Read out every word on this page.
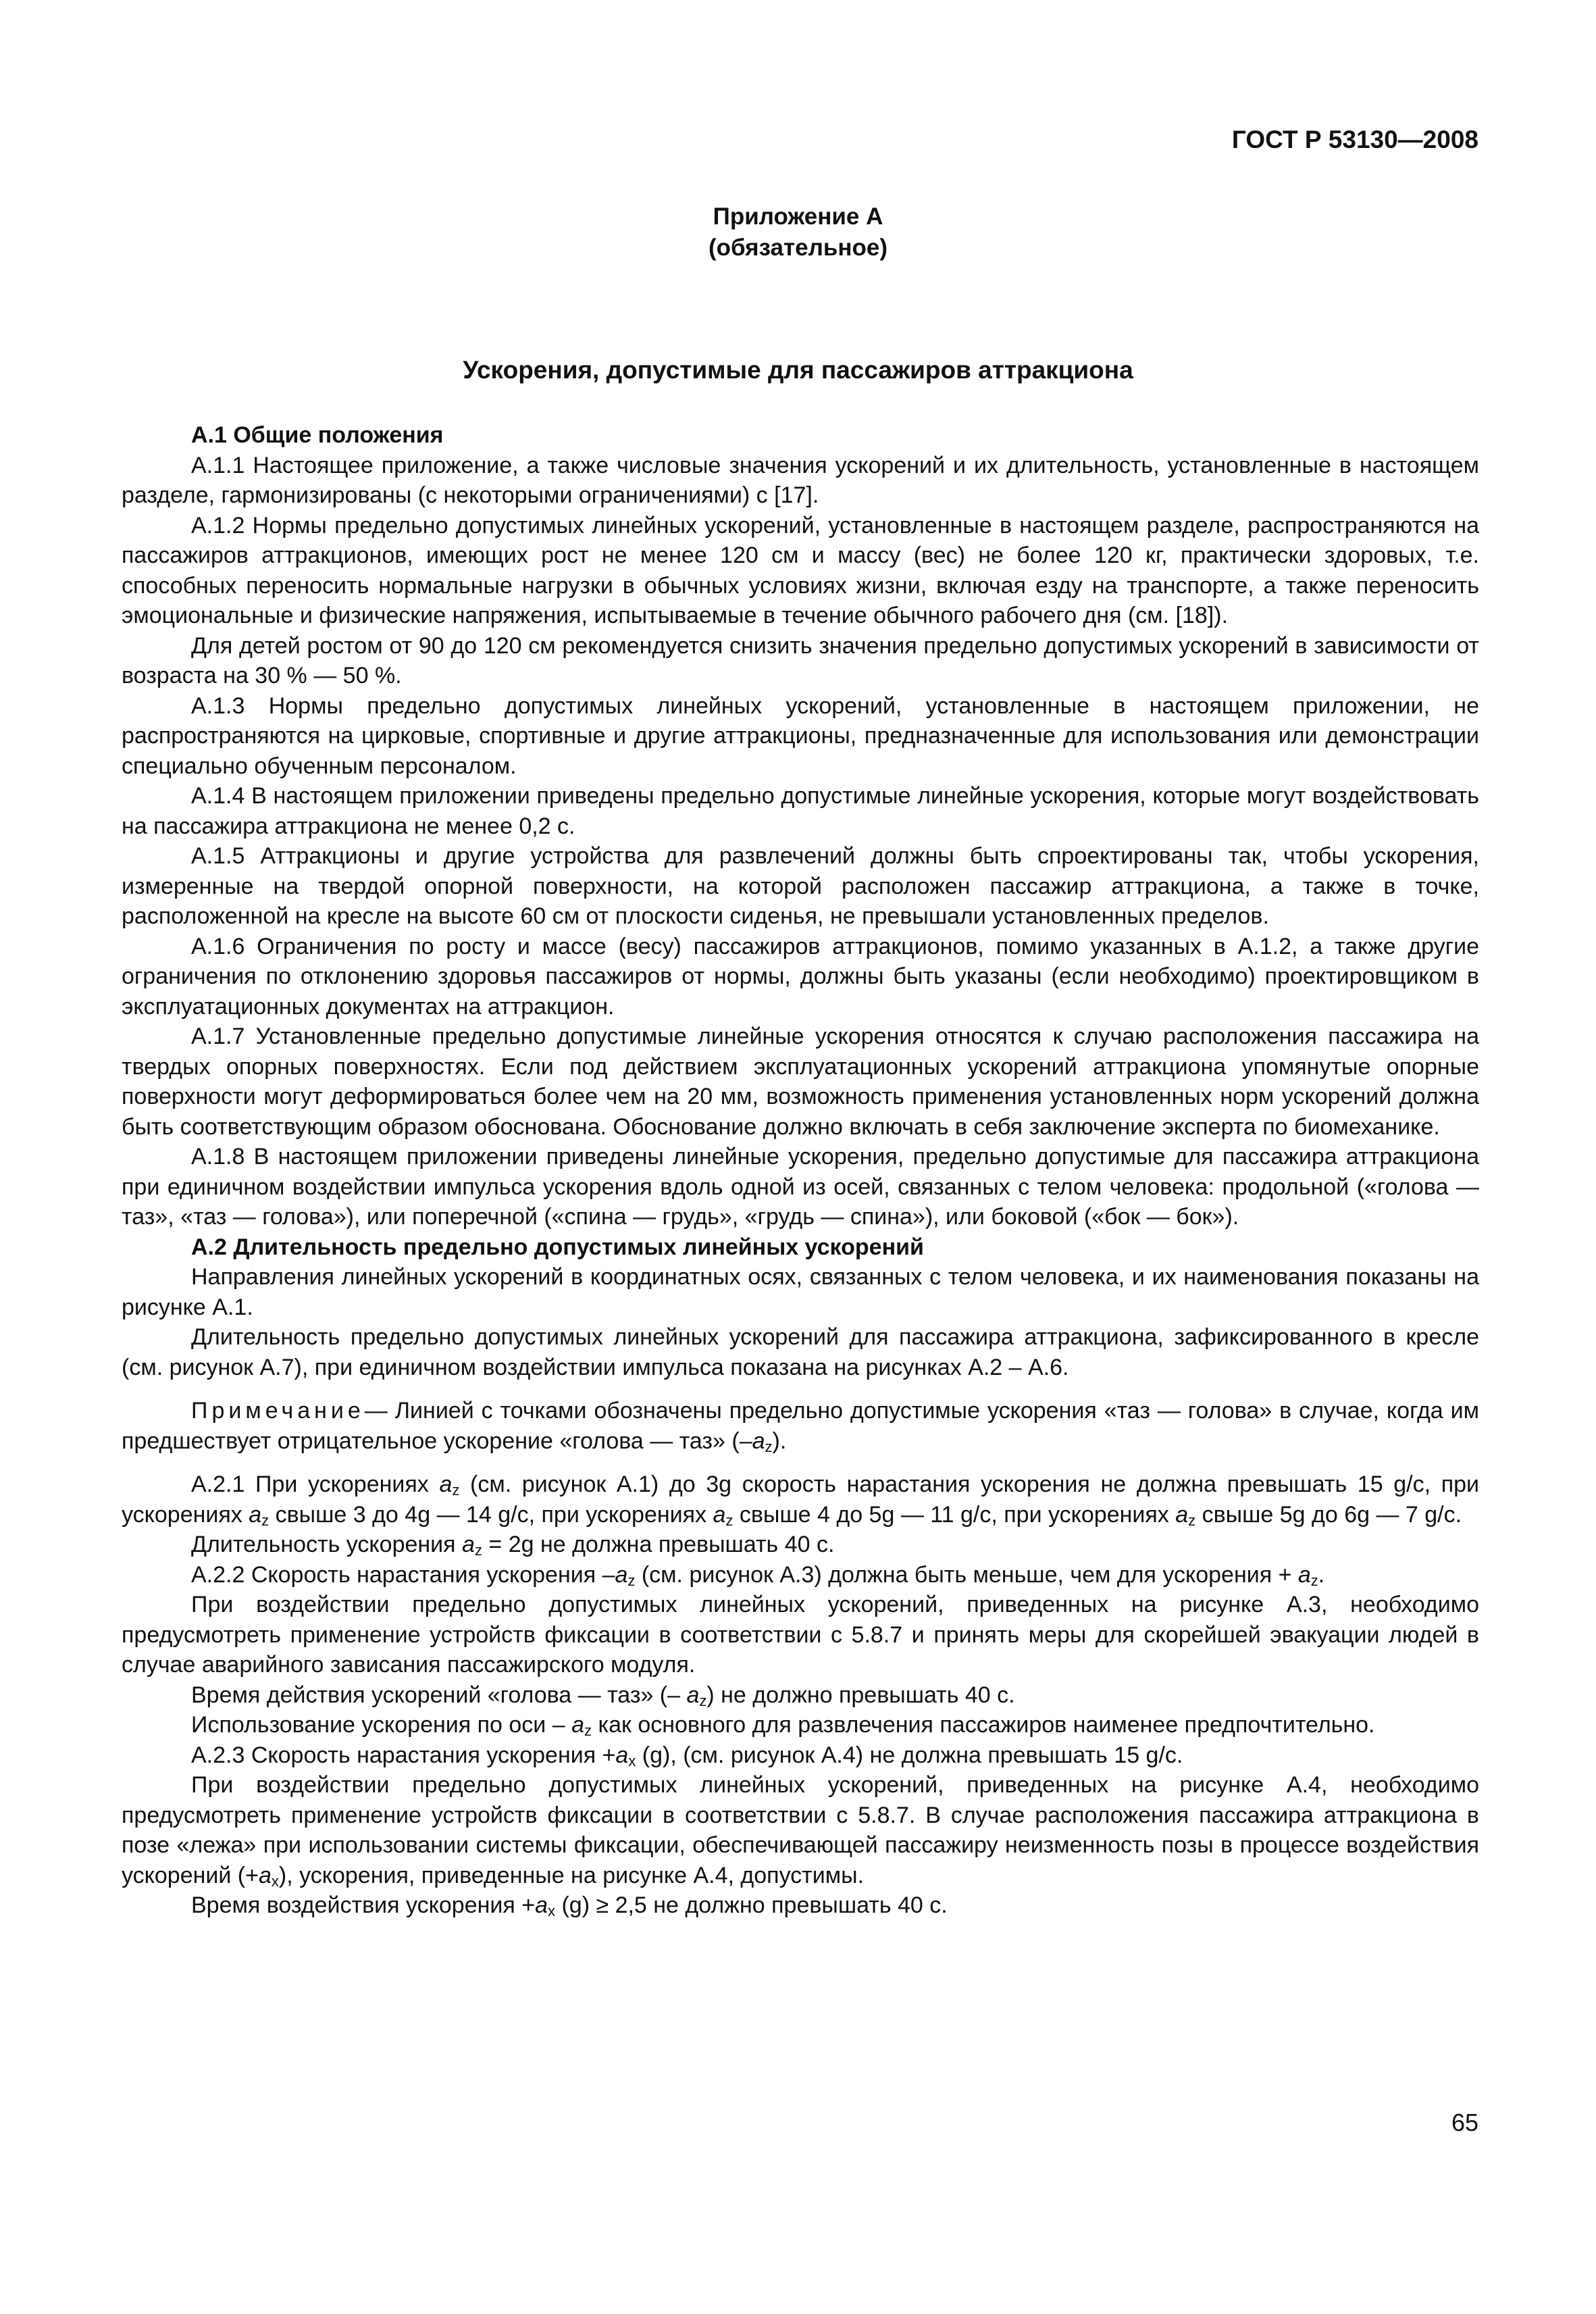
ГОСТ Р 53130—2008

Приложение А
(обязательное)

Ускорения, допустимые для пассажиров аттракциона

А.1 Общие положения

А.1.1 Настоящее приложение, а также числовые значения ускорений и их длительность, установленные в настоящем разделе, гармонизированы (с некоторыми ограничениями) с [17].

А.1.2 Нормы предельно допустимых линейных ускорений, установленные в настоящем разделе, распространяются на пассажиров аттракционов, имеющих рост не менее 120 см и массу (вес) не более 120 кг, практически здоровых, т.е. способных переносить нормальные нагрузки в обычных условиях жизни, включая езду на транспорте, а также переносить эмоциональные и физические напряжения, испытываемые в течение обычного рабочего дня (см. [18]).

Для детей ростом от 90 до 120 см рекомендуется снизить значения предельно допустимых ускорений в зависимости от возраста на 30 % — 50 %.

А.1.3 Нормы предельно допустимых линейных ускорений, установленные в настоящем приложении, не распространяются на цирковые, спортивные и другие аттракционы, предназначенные для использования или демонстрации специально обученным персоналом.

А.1.4 В настоящем приложении приведены предельно допустимые линейные ускорения, которые могут воздействовать на пассажира аттракциона не менее 0,2 с.

А.1.5 Аттракционы и другие устройства для развлечений должны быть спроектированы так, чтобы ускорения, измеренные на твердой опорной поверхности, на которой расположен пассажир аттракциона, а также в точке, расположенной на кресле на высоте 60 см от плоскости сиденья, не превышали установленных пределов.

А.1.6 Ограничения по росту и массе (весу) пассажиров аттракционов, помимо указанных в А.1.2, а также другие ограничения по отклонению здоровья пассажиров от нормы, должны быть указаны (если необходимо) проектировщиком в эксплуатационных документах на аттракцион.

А.1.7 Установленные предельно допустимые линейные ускорения относятся к случаю расположения пассажира на твердых опорных поверхностях. Если под действием эксплуатационных ускорений аттракциона упомянутые опорные поверхности могут деформироваться более чем на 20 мм, возможность применения установленных норм ускорений должна быть соответствующим образом обоснована. Обоснование должно включать в себя заключение эксперта по биомеханике.

А.1.8 В настоящем приложении приведены линейные ускорения, предельно допустимые для пассажира аттракциона при единичном воздействии импульса ускорения вдоль одной из осей, связанных с телом человека: продольной («голова — таз», «таз — голова»), или поперечной («спина — грудь», «грудь — спина»), или боковой («бок — бок»).

А.2 Длительность предельно допустимых линейных ускорений

Направления линейных ускорений в координатных осях, связанных с телом человека, и их наименования показаны на рисунке А.1.

Длительность предельно допустимых линейных ускорений для пассажира аттракциона, зафиксированного в кресле (см. рисунок А.7), при единичном воздействии импульса показана на рисунках А.2 – А.6.

Примечание— Линией с точками обозначены предельно допустимые ускорения «таз — голова» в случае, когда им предшествует отрицательное ускорение «голова — таз» $(-a_z)$.

А.2.1 При ускорениях $a_z$ (см. рисунок А.1) до 3g скорость нарастания ускорения не должна превышать 15 g/c, при ускорениях $a_z$ свыше 3 до 4g — 14 g/c, при ускорениях $a_z$ свыше 4 до 5g — 11 g/c, при ускорениях $a_z$ свыше 5g до 6g — 7 g/c.

Длительность ускорения $a_z = 2g$ не должна превышать 40 с.

А.2.2 Скорость нарастания ускорения $-a_z$ (см. рисунок А.3) должна быть меньше, чем для ускорения + $a_z$.

При воздействии предельно допустимых линейных ускорений, приведенных на рисунке А.3, необходимо предусмотреть применение устройств фиксации в соответствии с 5.8.7 и принять меры для скорейшей эвакуации людей в случае аварийного зависания пассажирского модуля.

Время действия ускорений «голова — таз» (– $a_z$) не должно превышать 40 с.

Использование ускорения по оси – $a_z$ как основного для развлечения пассажиров наименее предпочтительно.

А.2.3 Скорость нарастания ускорения $+a_x$ (g), (см. рисунок А.4) не должна превышать 15 g/c.

При воздействии предельно допустимых линейных ускорений, приведенных на рисунке А.4, необходимо предусмотреть применение устройств фиксации в соответствии с 5.8.7. В случае расположения пассажира аттракциона в позе «лежа» при использовании системы фиксации, обеспечивающей пассажиру неизменность позы в процессе воздействия ускорений $(+a_x)$, ускорения, приведенные на рисунке А.4, допустимы.

Время воздействия ускорения $+a_x$ (g) ≥ 2,5 не должно превышать 40 с.

65
